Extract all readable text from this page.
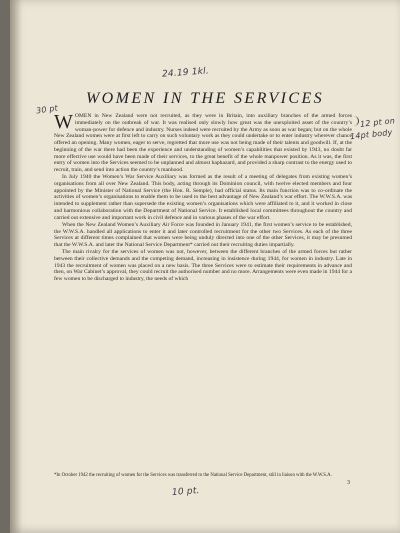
24.19 1kl.
30 pt
12 pt on
14pt body
WOMEN IN THE SERVICES

WOMEN in New Zealand were not recruited, as they were in Britain, into auxiliary branches of the armed forces immediately on the outbreak of war. It was realised only slowly how great was the unexploited asset of the country’s woman-power for defence and industry. Nurses indeed were recruited by the Army as soon as war began; but on the whole New Zealand women were at first left to carry on such voluntary work as they could undertake or to enter industry wherever chance offered an opening. Many women, eager to serve, regretted that more use was not being made of their talents and goodwill. If, at the beginning of the war there had been the experience and understanding of women’s capabilities that existed by 1943, no doubt far more effective use would have been made of their services, to the great benefit of the whole manpower position. As it was, the first entry of women into the Services seemed to be unplanned and almost haphazard, and provided a sharp contrast to the energy used to recruit, train, and send into action the country’s manhood.

In July 1940 the Women’s War Service Auxiliary was formed as the result of a meeting of delegates from existing women’s organisations from all over New Zealand. This body, acting through its Dominion council, with twelve elected members and four appointed by the Minister of National Service (the Hon. R. Semple), had official status. Its main function was to co-ordinate the activities of women’s organisations to enable them to be used to the best advantage of New Zealand’s war effort. The W.W.S.A. was intended to supplement rather than supersede the existing women’s organisations which were affiliated to it, and it worked in close and harmonious collaboration with the Department of National Service. It established local committees throughout the country and carried out extensive and important work in civil defence and in various phases of the war effort.

When the New Zealand Women’s Auxiliary Air Force was founded in January 1941, the first women’s service to be established, the W.W.S.A. handled all applications to enter it and later controlled recruitment for the other two Services. As each of the three Services at different times complained that women were being unduly directed into one of the other Services, it may be presumed that the W.W.S.A. and later the National Service Department* carried out their recruiting duties impartially.

The main rivalry for the services of women was not, however, between the different branches of the armed forces but rather between their collective demands and the competing demand, increasing in insistence during 1944, for women in industry. Late in 1943 the recruitment of women was placed on a new basis. The three Services were to estimate their requirements in advance and then, on War Cabinet’s approval, they could recruit the authorised number and no more. Arrangements were even made in 1944 for a few women to be discharged to industry, the needs of which

*In October 1942 the recruiting of women for the Services was transferred to the National Service Department, still in liaison with the W.W.S.A.
10 pt.
3
